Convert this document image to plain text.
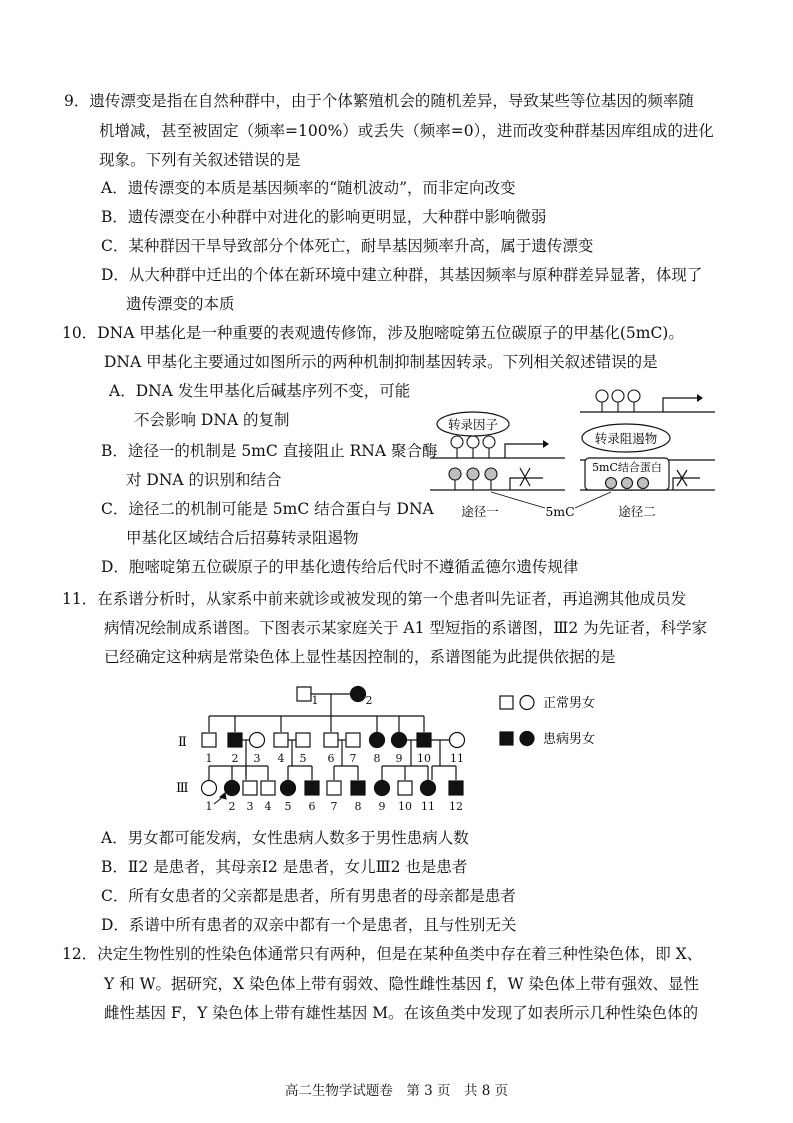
9．遗传漂变是指在自然种群中，由于个体繁殖机会的随机差异，导致某些等位基因的频率随
机增减，甚至被固定（频率=100%）或丢失（频率=0），进而改变种群基因库组成的进化
现象。下列有关叙述错误的是
A．遗传漂变的本质是基因频率的“随机波动”，而非定向改变
B．遗传漂变在小种群中对进化的影响更明显，大种群中影响微弱
C．某种群因干旱导致部分个体死亡，耐旱基因频率升高，属于遗传漂变
D．从大种群中迁出的个体在新环境中建立种群，其基因频率与原种群差异显著，体现了
遗传漂变的本质
10．DNA 甲基化是一种重要的表观遗传修饰，涉及胞嘧啶第五位碳原子的甲基化(5mC)。
DNA 甲基化主要通过如图所示的两种机制抑制基因转录。下列相关叙述错误的是
A．DNA 发生甲基化后碱基序列不变，可能
不会影响 DNA 的复制
B．途径一的机制是 5mC 直接阻止 RNA 聚合酶
对 DNA 的识别和结合
C．途径二的机制可能是 5mC 结合蛋白与 DNA
甲基化区域结合后招募转录阻遏物
D．胞嘧啶第五位碳原子的甲基化遗传给后代时不遵循孟德尔遗传规律
转录因子
转录阻遏物
5mC结合蛋白
途径一	5mC	途径二
11．在系谱分析时，从家系中前来就诊或被发现的第一个患者叫先证者，再追溯其他成员发
病情况绘制成系谱图。下图表示某家庭关于 A1 型短指的系谱图，Ⅲ2 为先证者，科学家
已经确定这种病是常染色体上显性基因控制的，系谱图能为此提供依据的是
1	2
1 2 3 4 5 6 7 8 9 10 11
1 2 3 4 5 6 7 8 9 10 11 12
Ⅱ
Ⅲ
正常男女
患病男女
A．男女都可能发病，女性患病人数多于男性患病人数
B．Ⅱ2 是患者，其母亲Ⅰ2 是患者，女儿Ⅲ2 也是患者
C．所有女患者的父亲都是患者，所有男患者的母亲都是患者
D．系谱中所有患者的双亲中都有一个是患者，且与性别无关
12．决定生物性别的性染色体通常只有两种，但是在某种鱼类中存在着三种性染色体，即 X、
Y 和 W。据研究，X 染色体上带有弱效、隐性雌性基因 f，W 染色体上带有强效、显性
雌性基因 F，Y 染色体上带有雄性基因 M。在该鱼类中发现了如表所示几种性染色体的
高二生物学试题卷　第 3 页　共 8 页
